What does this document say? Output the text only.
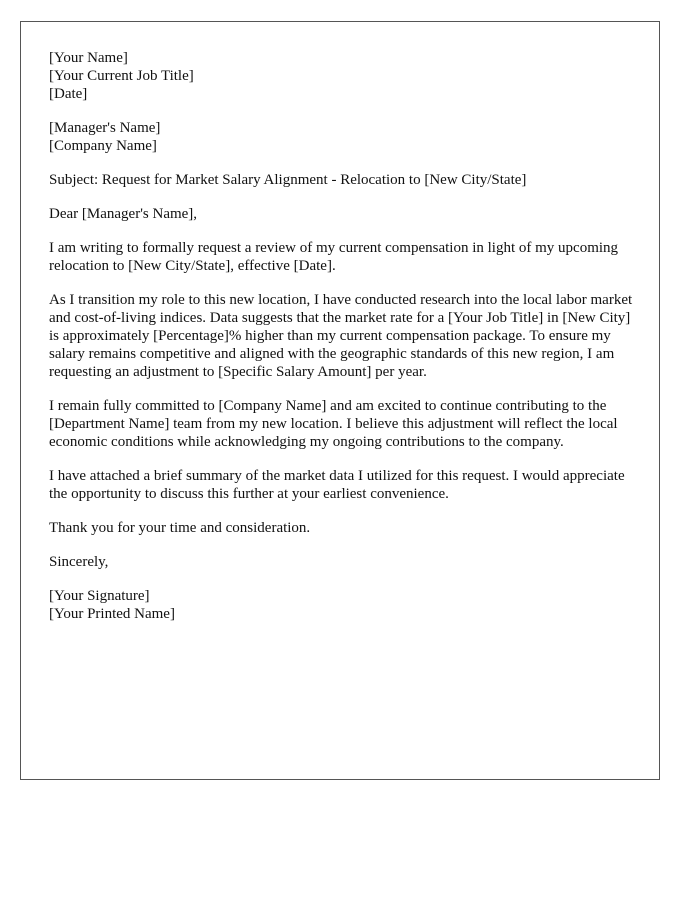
[Your Name]
[Your Current Job Title]
[Date]

[Manager's Name]
[Company Name]

Subject: Request for Market Salary Alignment - Relocation to [New City/State]

Dear [Manager's Name],

I am writing to formally request a review of my current compensation in light of my upcoming relocation to [New City/State], effective [Date].

As I transition my role to this new location, I have conducted research into the local labor market and cost-of-living indices. Data suggests that the market rate for a [Your Job Title] in [New City] is approximately [Percentage]% higher than my current compensation package. To ensure my salary remains competitive and aligned with the geographic standards of this new region, I am requesting an adjustment to [Specific Salary Amount] per year.

I remain fully committed to [Company Name] and am excited to continue contributing to the [Department Name] team from my new location. I believe this adjustment will reflect the local economic conditions while acknowledging my ongoing contributions to the company.

I have attached a brief summary of the market data I utilized for this request. I would appreciate the opportunity to discuss this further at your earliest convenience.

Thank you for your time and consideration.

Sincerely,

[Your Signature]
[Your Printed Name]
